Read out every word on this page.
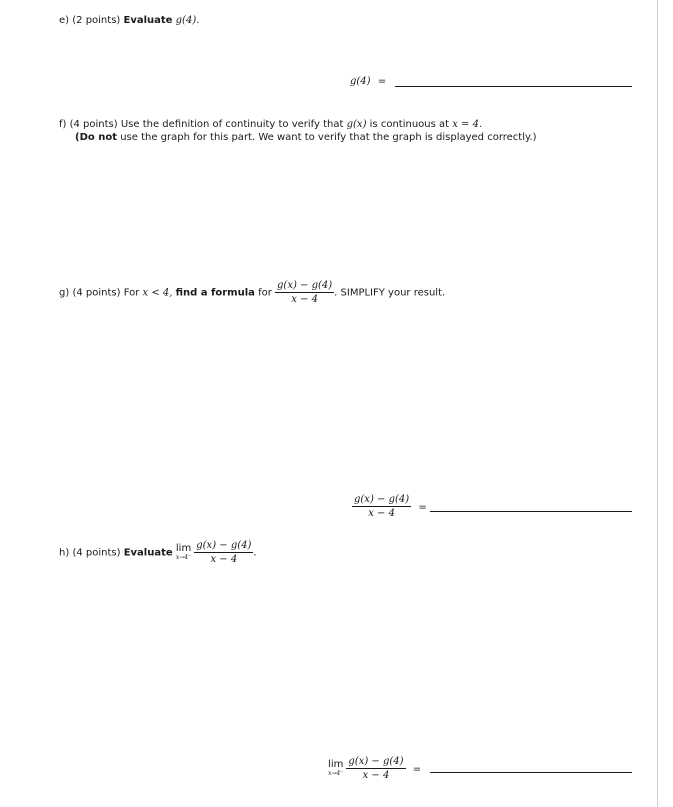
e) (2 points) Evaluate g(4).
g(4) =
f) (4 points) Use the definition of continuity to verify that g(x) is continuous at x = 4.
(Do not use the graph for this part. We want to verify that the graph is displayed correctly.)
g) (4 points) For x < 4, find a formula for $\frac{g(x) - g(4)}{x - 4}$ . SIMPLIFY your result.
$\frac{g(x) - g(4)}{x - 4}$ =
h) (4 points) Evaluate lim
$x\to 4^- \frac{g(x) - g(4)}{x - 4}$ .
lim
$x\to 4^- \frac{g(x) - g(4)}{x - 4}$ =
